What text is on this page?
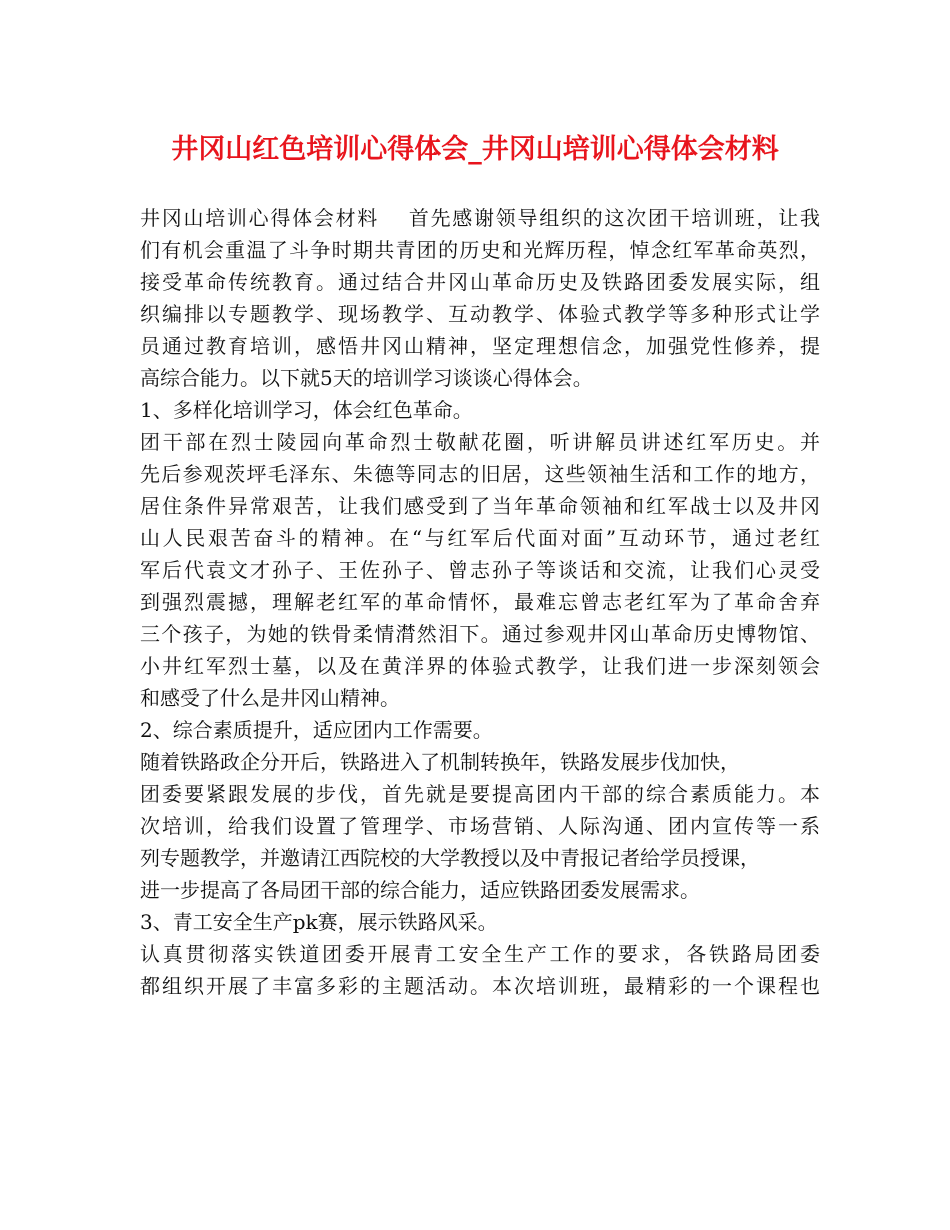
井冈山红色培训心得体会_井冈山培训心得体会材料
井冈山培训心得体会材料　 首先感谢领导组织的这次团干培训班，让我
们有机会重温了斗争时期共青团的历史和光辉历程，悼念红军革命英烈，
接受革命传统教育。通过结合井冈山革命历史及铁路团委发展实际，组
织编排以专题教学、现场教学、互动教学、体验式教学等多种形式让学
员通过教育培训，感悟井冈山精神，坚定理想信念，加强党性修养，提
高综合能力。以下就5天的培训学习谈谈心得体会。
1、多样化培训学习，体会红色革命。
团干部在烈士陵园向革命烈士敬献花圈，听讲解员讲述红军历史。并
先后参观茨坪毛泽东、朱德等同志的旧居，这些领袖生活和工作的地方，
居住条件异常艰苦，让我们感受到了当年革命领袖和红军战士以及井冈
山人民艰苦奋斗的精神。在“与红军后代面对面”互动环节，通过老红
军后代袁文才孙子、王佐孙子、曾志孙子等谈话和交流，让我们心灵受
到强烈震撼，理解老红军的革命情怀，最难忘曾志老红军为了革命舍弃
三个孩子，为她的铁骨柔情潸然泪下。通过参观井冈山革命历史博物馆、
小井红军烈士墓，以及在黄洋界的体验式教学，让我们进一步深刻领会
和感受了什么是井冈山精神。
2、综合素质提升，适应团内工作需要。
随着铁路政企分开后，铁路进入了机制转换年，铁路发展步伐加快，
团委要紧跟发展的步伐，首先就是要提高团内干部的综合素质能力。本
次培训，给我们设置了管理学、市场营销、人际沟通、团内宣传等一系
列专题教学，并邀请江西院校的大学教授以及中青报记者给学员授课，
进一步提高了各局团干部的综合能力，适应铁路团委发展需求。
3、青工安全生产pk赛，展示铁路风采。
认真贯彻落实铁道团委开展青工安全生产工作的要求，各铁路局团委
都组织开展了丰富多彩的主题活动。本次培训班，最精彩的一个课程也
